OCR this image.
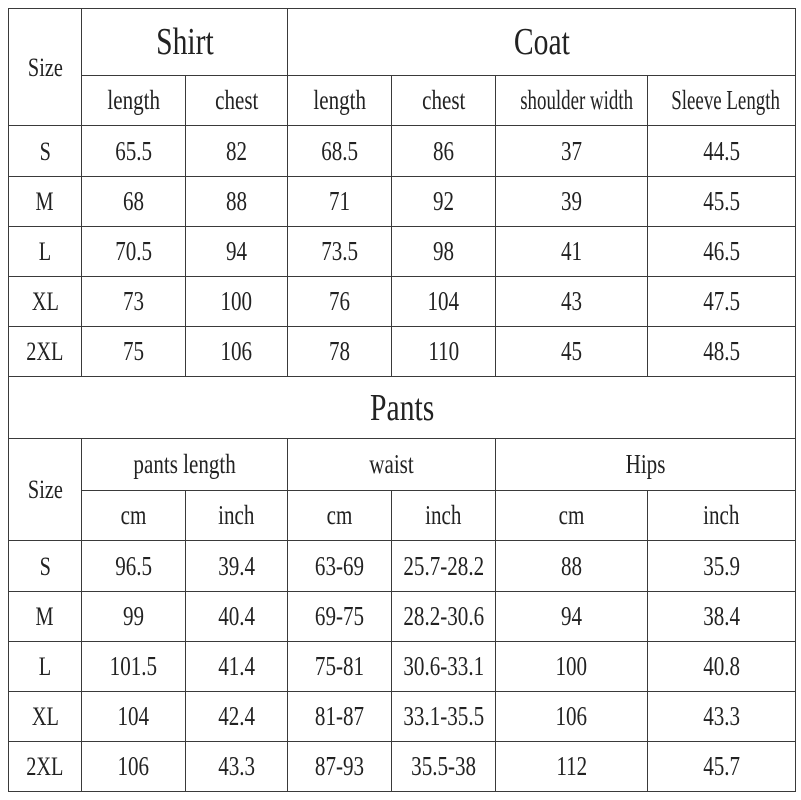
Size	Shirt		Coat			
	length	chest	length	chest	shoulder width	Sleeve Length
S	65.5	82	68.5	86	37	44.5
M	68	88	71	92	39	45.5
L	70.5	94	73.5	98	41	46.5
XL	73	100	76	104	43	47.5
2XL	75	106	78	110	45	48.5
Pants						
Size	pants length		waist		Hips	
	cm	inch	cm	inch	cm	inch
S	96.5	39.4	63-69	25.7-28.2	88	35.9
M	99	40.4	69-75	28.2-30.6	94	38.4
L	101.5	41.4	75-81	30.6-33.1	100	40.8
XL	104	42.4	81-87	33.1-35.5	106	43.3
2XL	106	43.3	87-93	35.5-38	112	45.7
